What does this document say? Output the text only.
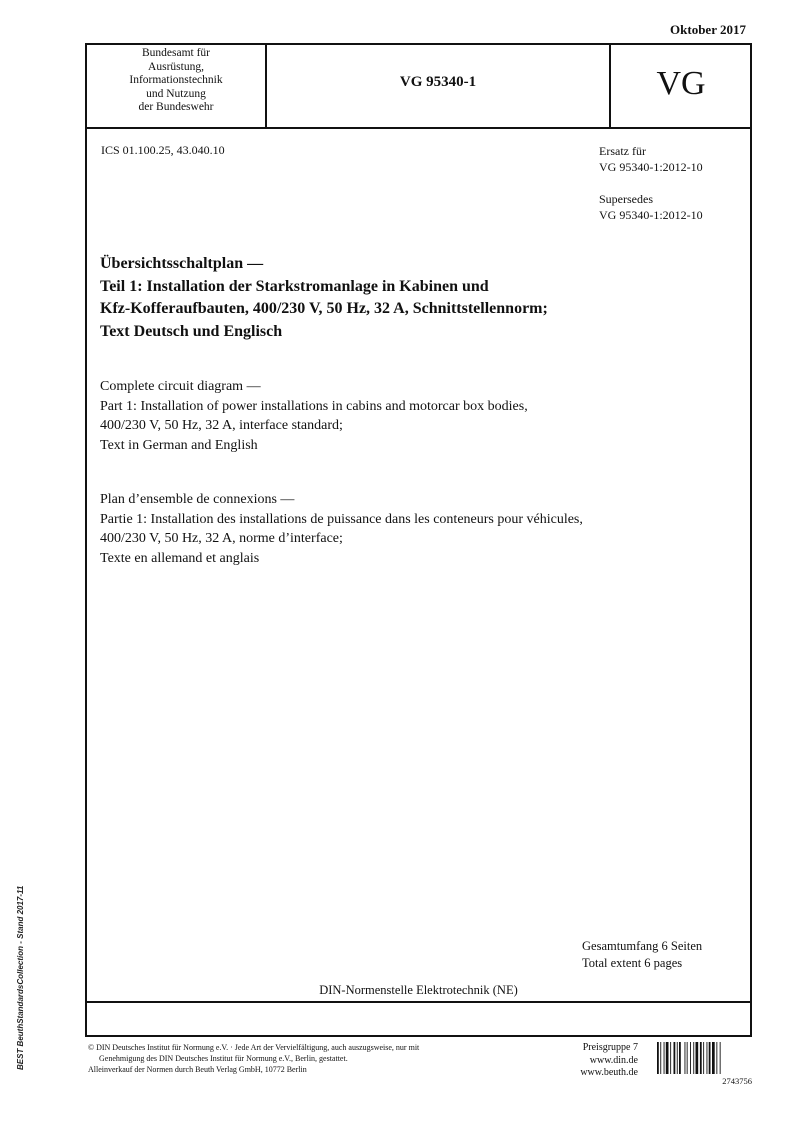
Oktober 2017
Bundesamt für
Ausrüstung,
Informationstechnik
und Nutzung
der Bundeswehr
VG 95340-1	VG
ICS 01.100.25, 43.040.10	Ersatz für
VG 95340-1:2012-10
Supersedes
VG 95340-1:2012-10
Übersichtsschaltplan —
Teil 1: Installation der Starkstromanlage in Kabinen und
Kfz-Kofferaufbauten, 400/230 V, 50 Hz, 32 A, Schnittstellennorm;
Text Deutsch und Englisch
Complete circuit diagram —
Part 1: Installation of power installations in cabins and motorcar box bodies,
400/230 V, 50 Hz, 32 A, interface standard;
Text in German and English
Plan d’ensemble de connexions —
Partie 1: Installation des installations de puissance dans les conteneurs pour véhicules,
400/230 V, 50 Hz, 32 A, norme d’interface;
Texte en allemand et anglais
Gesamtumfang 6 Seiten
Total extent 6 pages
DIN-Normenstelle Elektrotechnik (NE)
© DIN Deutsches Institut für Normung e.V. · Jede Art der Vervielfältigung, auch auszugsweise, nur mit
Genehmigung des DIN Deutsches Institut für Normung e.V., Berlin, gestattet.
Alleinverkauf der Normen durch Beuth Verlag GmbH, 10772 Berlin
Preisgruppe 7
www.din.de
www.beuth.de
2743756
BEST BeuthStandardsCollection - Stand 2017-11
